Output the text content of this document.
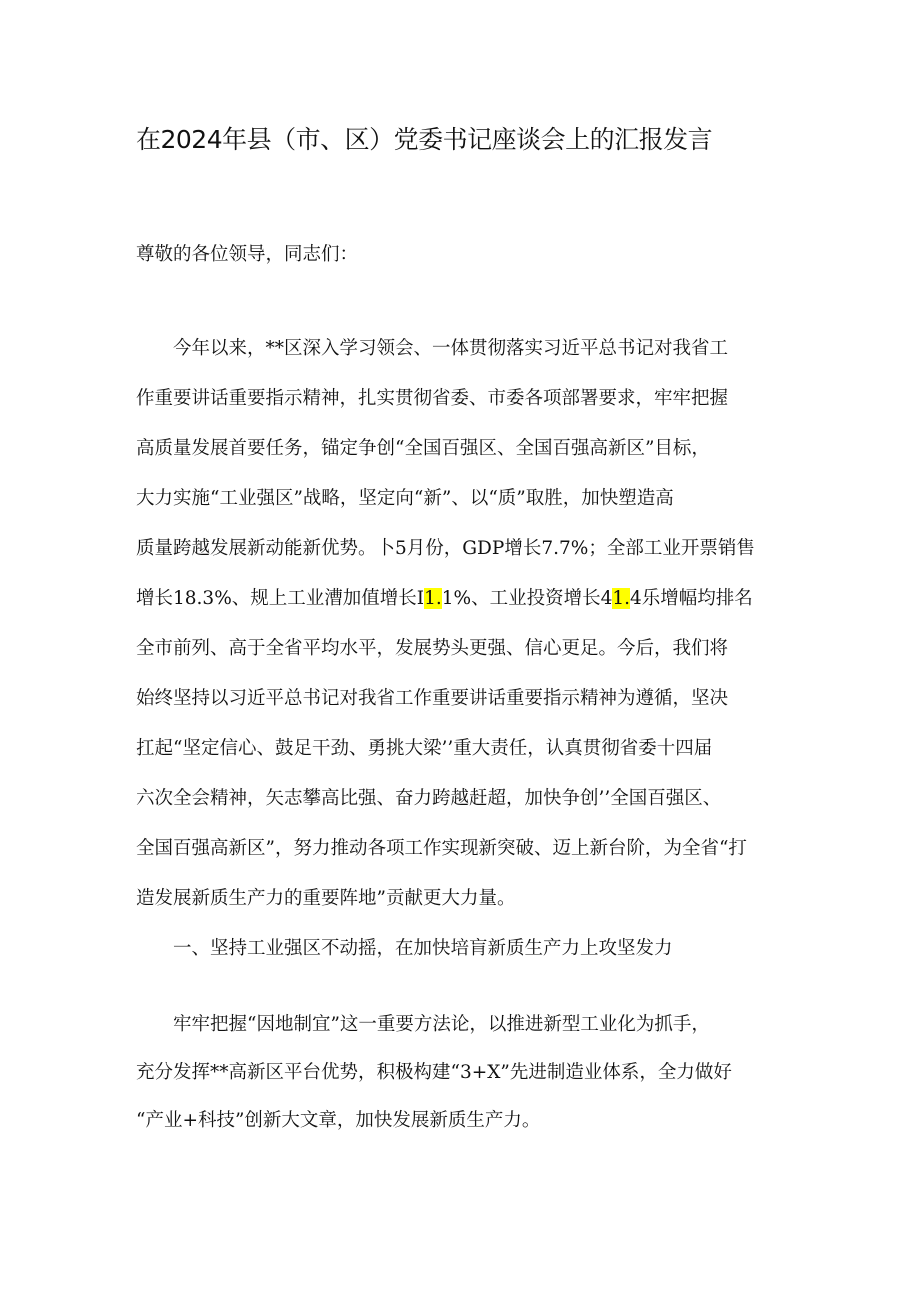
在2024年县（市、区）党委书记座谈会上的汇报发言
尊敬的各位领导，同志们：
今年以来，**区深入学习领会、一体贯彻落实习近平总书记对我省工
作重要讲话重要指示精神，扎实贯彻省委、市委各项部署要求，牢牢把握
高质量发展首要任务，锚定争创“全国百强区、全国百强高新区”目标，
大力实施“工业强区”战略，坚定向“新”、以“质”取胜，加快塑造高
质量跨越发展新动能新优势。卜5月份，GDP增长7.7%；全部工业开票销售
增长18.3%、规上工业漕加值增长I1.1%、工业投资增长41.4乐增幅均排名
全市前列、高于全省平均水平，发展势头更强、信心更足。今后，我们将
始终坚持以习近平总书记对我省工作重要讲话重要指示精神为遵循，坚决
扛起“坚定信心、鼓足干劲、勇挑大梁’’重大责任，认真贯彻省委十四届
六次全会精神，矢志攀高比强、奋力跨越赶超，加快争创’’全国百强区、
全国百强高新区”，努力推动各项工作实现新突破、迈上新台阶，为全省“打
造发展新质生产力的重要阵地”贡献更大力量。
一、坚持工业强区不动摇，在加快培肓新质生产力上攻坚发力
牢牢把握“因地制宜”这一重要方法论，以推进新型工业化为抓手，
充分发挥**高新区平台优势，积极构建“3+X”先进制造业体系，全力做好
“产业+科技”创新大文章，加快发展新质生产力。
